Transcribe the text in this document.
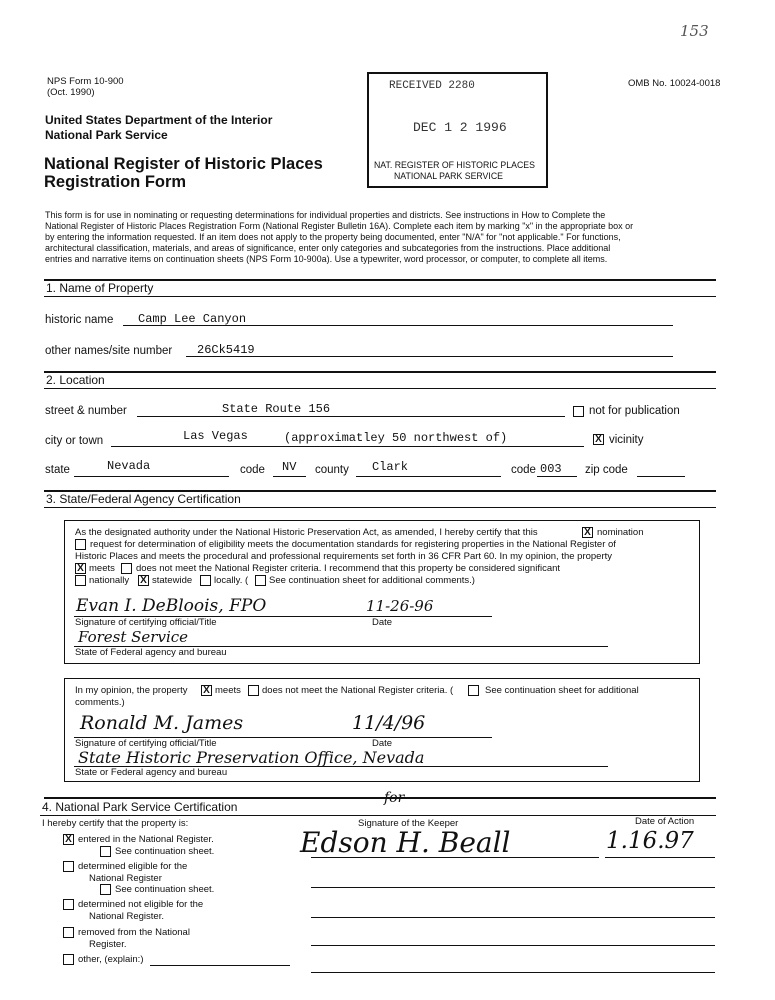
NPS Form 10-900
(Oct. 1990)
OMB No. 10024-0018
153
United States Department of the Interior
National Park Service
National Register of Historic Places
Registration Form
RECEIVED 2280
DEC 1 2 1996
NAT. REGISTER OF HISTORIC PLACES
NATIONAL PARK SERVICE
This form is for use in nominating or requesting determinations for individual properties and districts. See instructions in How to Complete the
National Register of Historic Places Registration Form (National Register Bulletin 16A). Complete each item by marking "x" in the appropriate box or
by entering the information requested. If an item does not apply to the property being documented, enter "N/A" for "not applicable." For functions,
architectural classification, materials, and areas of significance, enter only categories and subcategories from the instructions. Place additional
entries and narrative items on continuation sheets (NPS Form 10-900a). Use a typewriter, word processor, or computer, to complete all items.
1. Name of Property
historic name Camp Lee Canyon
other names/site number 26Ck5419
2. Location
street & number	State Route 156	not for publication
city or town	Las Vegas	(approximatley 50 northwest of)	X vicinity
state	Nevada	code NV county Clark	code 003 zip code
3. State/Federal Agency Certification
As the designated authority under the National Historic Preservation Act, as amended, I hereby certify that this	X nomination
request for determination of eligibility meets the documentation standards for registering properties in the National Register of
Historic Places and meets the procedural and professional requirements set forth in 36 CFR Part 60. In my opinion, the property
X meets does not meet the National Register criteria. I recommend that this property be considered significant
nationally X statewide locally. ( See continuation sheet for additional comments.)
Evan I. DeBloois, FPO	11-26-96
Signature of certifying official/Title	Date
Forest Service
State of Federal agency and bureau
In my opinion, the property X meets does not meet the National Register criteria. (	See continuation sheet for additional
comments.)
Ronald M. James	11/4/96
Signature of certifying official/Title	Date
State Historic Preservation Office, Nevada
State or Federal agency and bureau
4. National Park Service Certification
I hereby certify that the property is:	Signature of the Keeper	Date of Action
for
Edson H. Beall	1.16.97
X entered in the National Register.
See continuation sheet.
determined eligible for the
National Register
See continuation sheet.
determined not eligible for the
National Register.
removed from the National
Register.
other, (explain:)
